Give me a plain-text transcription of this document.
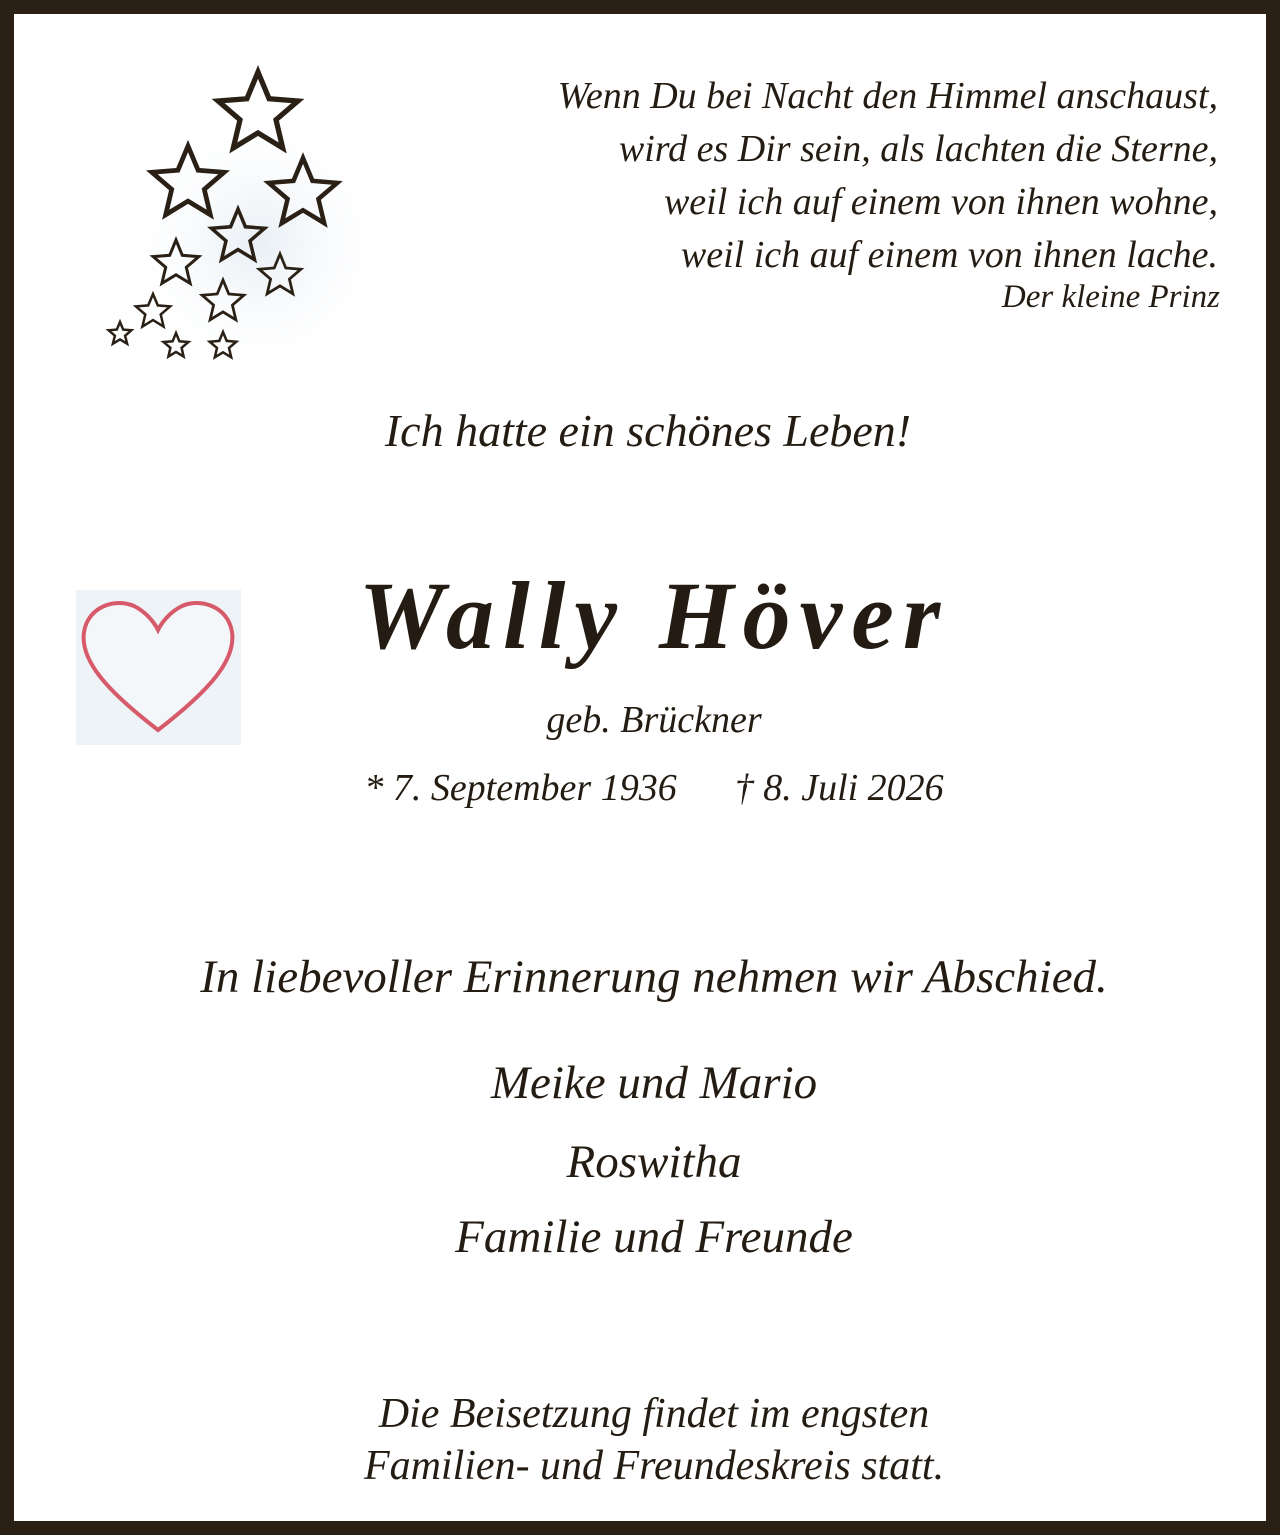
Wenn Du bei Nacht den Himmel anschaust,
wird es Dir sein, als lachten die Sterne,
weil ich auf einem von ihnen wohne,
weil ich auf einem von ihnen lache.
Der kleine Prinz
Ich hatte ein schönes Leben!
Wally Höver
geb. Brückner
* 7. September 1936 † 8. Juli 2026
In liebevoller Erinnerung nehmen wir Abschied.
Meike und Mario
Roswitha
Familie und Freunde
Die Beisetzung findet im engsten
Familien- und Freundeskreis statt.
